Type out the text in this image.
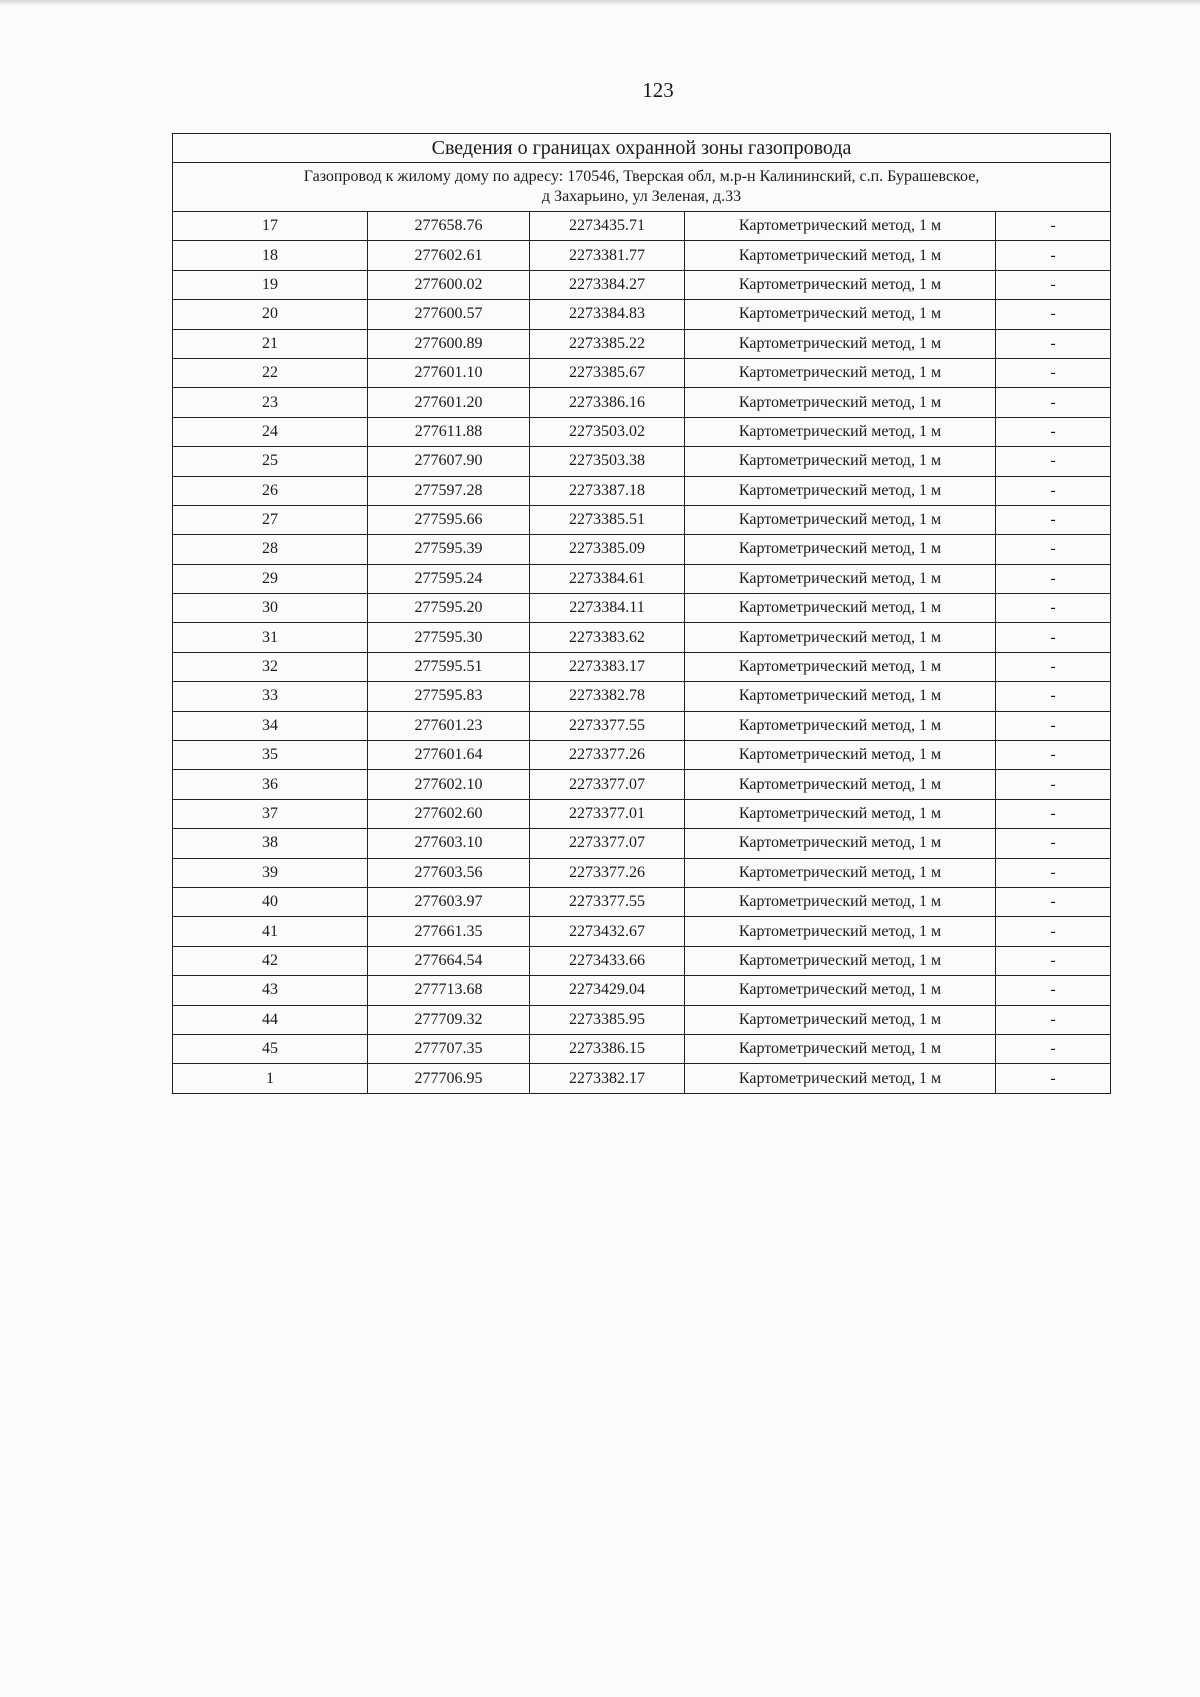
123
Сведения о границах охранной зоны газопровода				

Газопровод к жилому дому по адресу: 170546, Тверская обл, м.р-н Калининский, с.п. Бурашевское,
д Захарьино, ул Зеленая, д.33				

17	277658.76	2273435.71	Картометрический метод, 1 м	-
18	277602.61	2273381.77	Картометрический метод, 1 м	-
19	277600.02	2273384.27	Картометрический метод, 1 м	-
20	277600.57	2273384.83	Картометрический метод, 1 м	-
21	277600.89	2273385.22	Картометрический метод, 1 м	-
22	277601.10	2273385.67	Картометрический метод, 1 м	-
23	277601.20	2273386.16	Картометрический метод, 1 м	-
24	277611.88	2273503.02	Картометрический метод, 1 м	-
25	277607.90	2273503.38	Картометрический метод, 1 м	-
26	277597.28	2273387.18	Картометрический метод, 1 м	-
27	277595.66	2273385.51	Картометрический метод, 1 м	-
28	277595.39	2273385.09	Картометрический метод, 1 м	-
29	277595.24	2273384.61	Картометрический метод, 1 м	-
30	277595.20	2273384.11	Картометрический метод, 1 м	-
31	277595.30	2273383.62	Картометрический метод, 1 м	-
32	277595.51	2273383.17	Картометрический метод, 1 м	-
33	277595.83	2273382.78	Картометрический метод, 1 м	-
34	277601.23	2273377.55	Картометрический метод, 1 м	-
35	277601.64	2273377.26	Картометрический метод, 1 м	-
36	277602.10	2273377.07	Картометрический метод, 1 м	-
37	277602.60	2273377.01	Картометрический метод, 1 м	-
38	277603.10	2273377.07	Картометрический метод, 1 м	-
39	277603.56	2273377.26	Картометрический метод, 1 м	-
40	277603.97	2273377.55	Картометрический метод, 1 м	-
41	277661.35	2273432.67	Картометрический метод, 1 м	-
42	277664.54	2273433.66	Картометрический метод, 1 м	-
43	277713.68	2273429.04	Картометрический метод, 1 м	-
44	277709.32	2273385.95	Картометрический метод, 1 м	-
45	277707.35	2273386.15	Картометрический метод, 1 м	-
1	277706.95	2273382.17	Картометрический метод, 1 м	-
